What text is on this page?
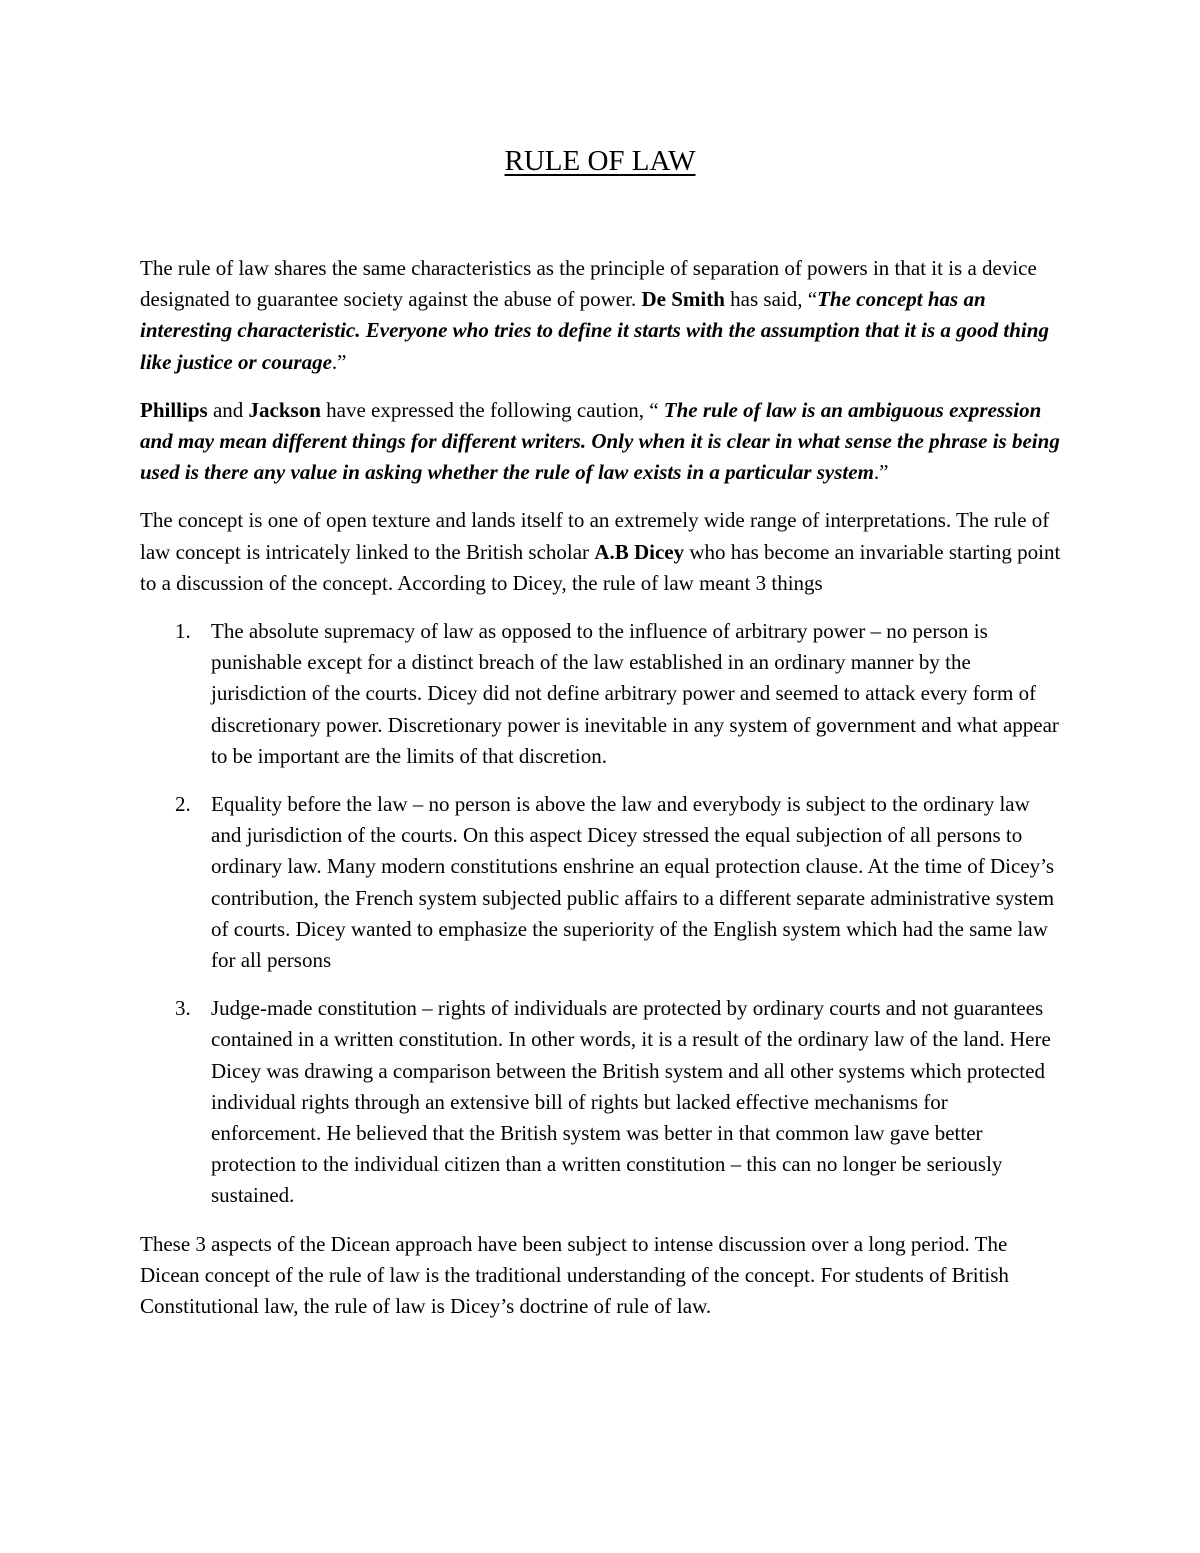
RULE OF LAW

The rule of law shares the same characteristics as the principle of separation of powers in that it is a device designated to guarantee society against the abuse of power. De Smith has said, “The concept has an interesting characteristic. Everyone who tries to define it starts with the assumption that it is a good thing like justice or courage.”

Phillips and Jackson have expressed the following caution, “ The rule of law is an ambiguous expression and may mean different things for different writers. Only when it is clear in what sense the phrase is being used is there any value in asking whether the rule of law exists in a particular system.”

The concept is one of open texture and lands itself to an extremely wide range of interpretations. The rule of law concept is intricately linked to the British scholar A.B Dicey who has become an invariable starting point to a discussion of the concept. According to Dicey, the rule of law meant 3 things

1. The absolute supremacy of law as opposed to the influence of arbitrary power – no person is punishable except for a distinct breach of the law established in an ordinary manner by the jurisdiction of the courts. Dicey did not define arbitrary power and seemed to attack every form of discretionary power. Discretionary power is inevitable in any system of government and what appear to be important are the limits of that discretion.
2. Equality before the law – no person is above the law and everybody is subject to the ordinary law and jurisdiction of the courts. On this aspect Dicey stressed the equal subjection of all persons to ordinary law. Many modern constitutions enshrine an equal protection clause. At the time of Dicey’s contribution, the French system subjected public affairs to a different separate administrative system of courts. Dicey wanted to emphasize the superiority of the English system which had the same law for all persons
3. Judge-made constitution – rights of individuals are protected by ordinary courts and not guarantees contained in a written constitution. In other words, it is a result of the ordinary law of the land. Here Dicey was drawing a comparison between the British system and all other systems which protected individual rights through an extensive bill of rights but lacked effective mechanisms for enforcement. He believed that the British system was better in that common law gave better protection to the individual citizen than a written constitution – this can no longer be seriously sustained.

These 3 aspects of the Dicean approach have been subject to intense discussion over a long period. The Dicean concept of the rule of law is the traditional understanding of the concept. For students of British Constitutional law, the rule of law is Dicey’s doctrine of rule of law.
